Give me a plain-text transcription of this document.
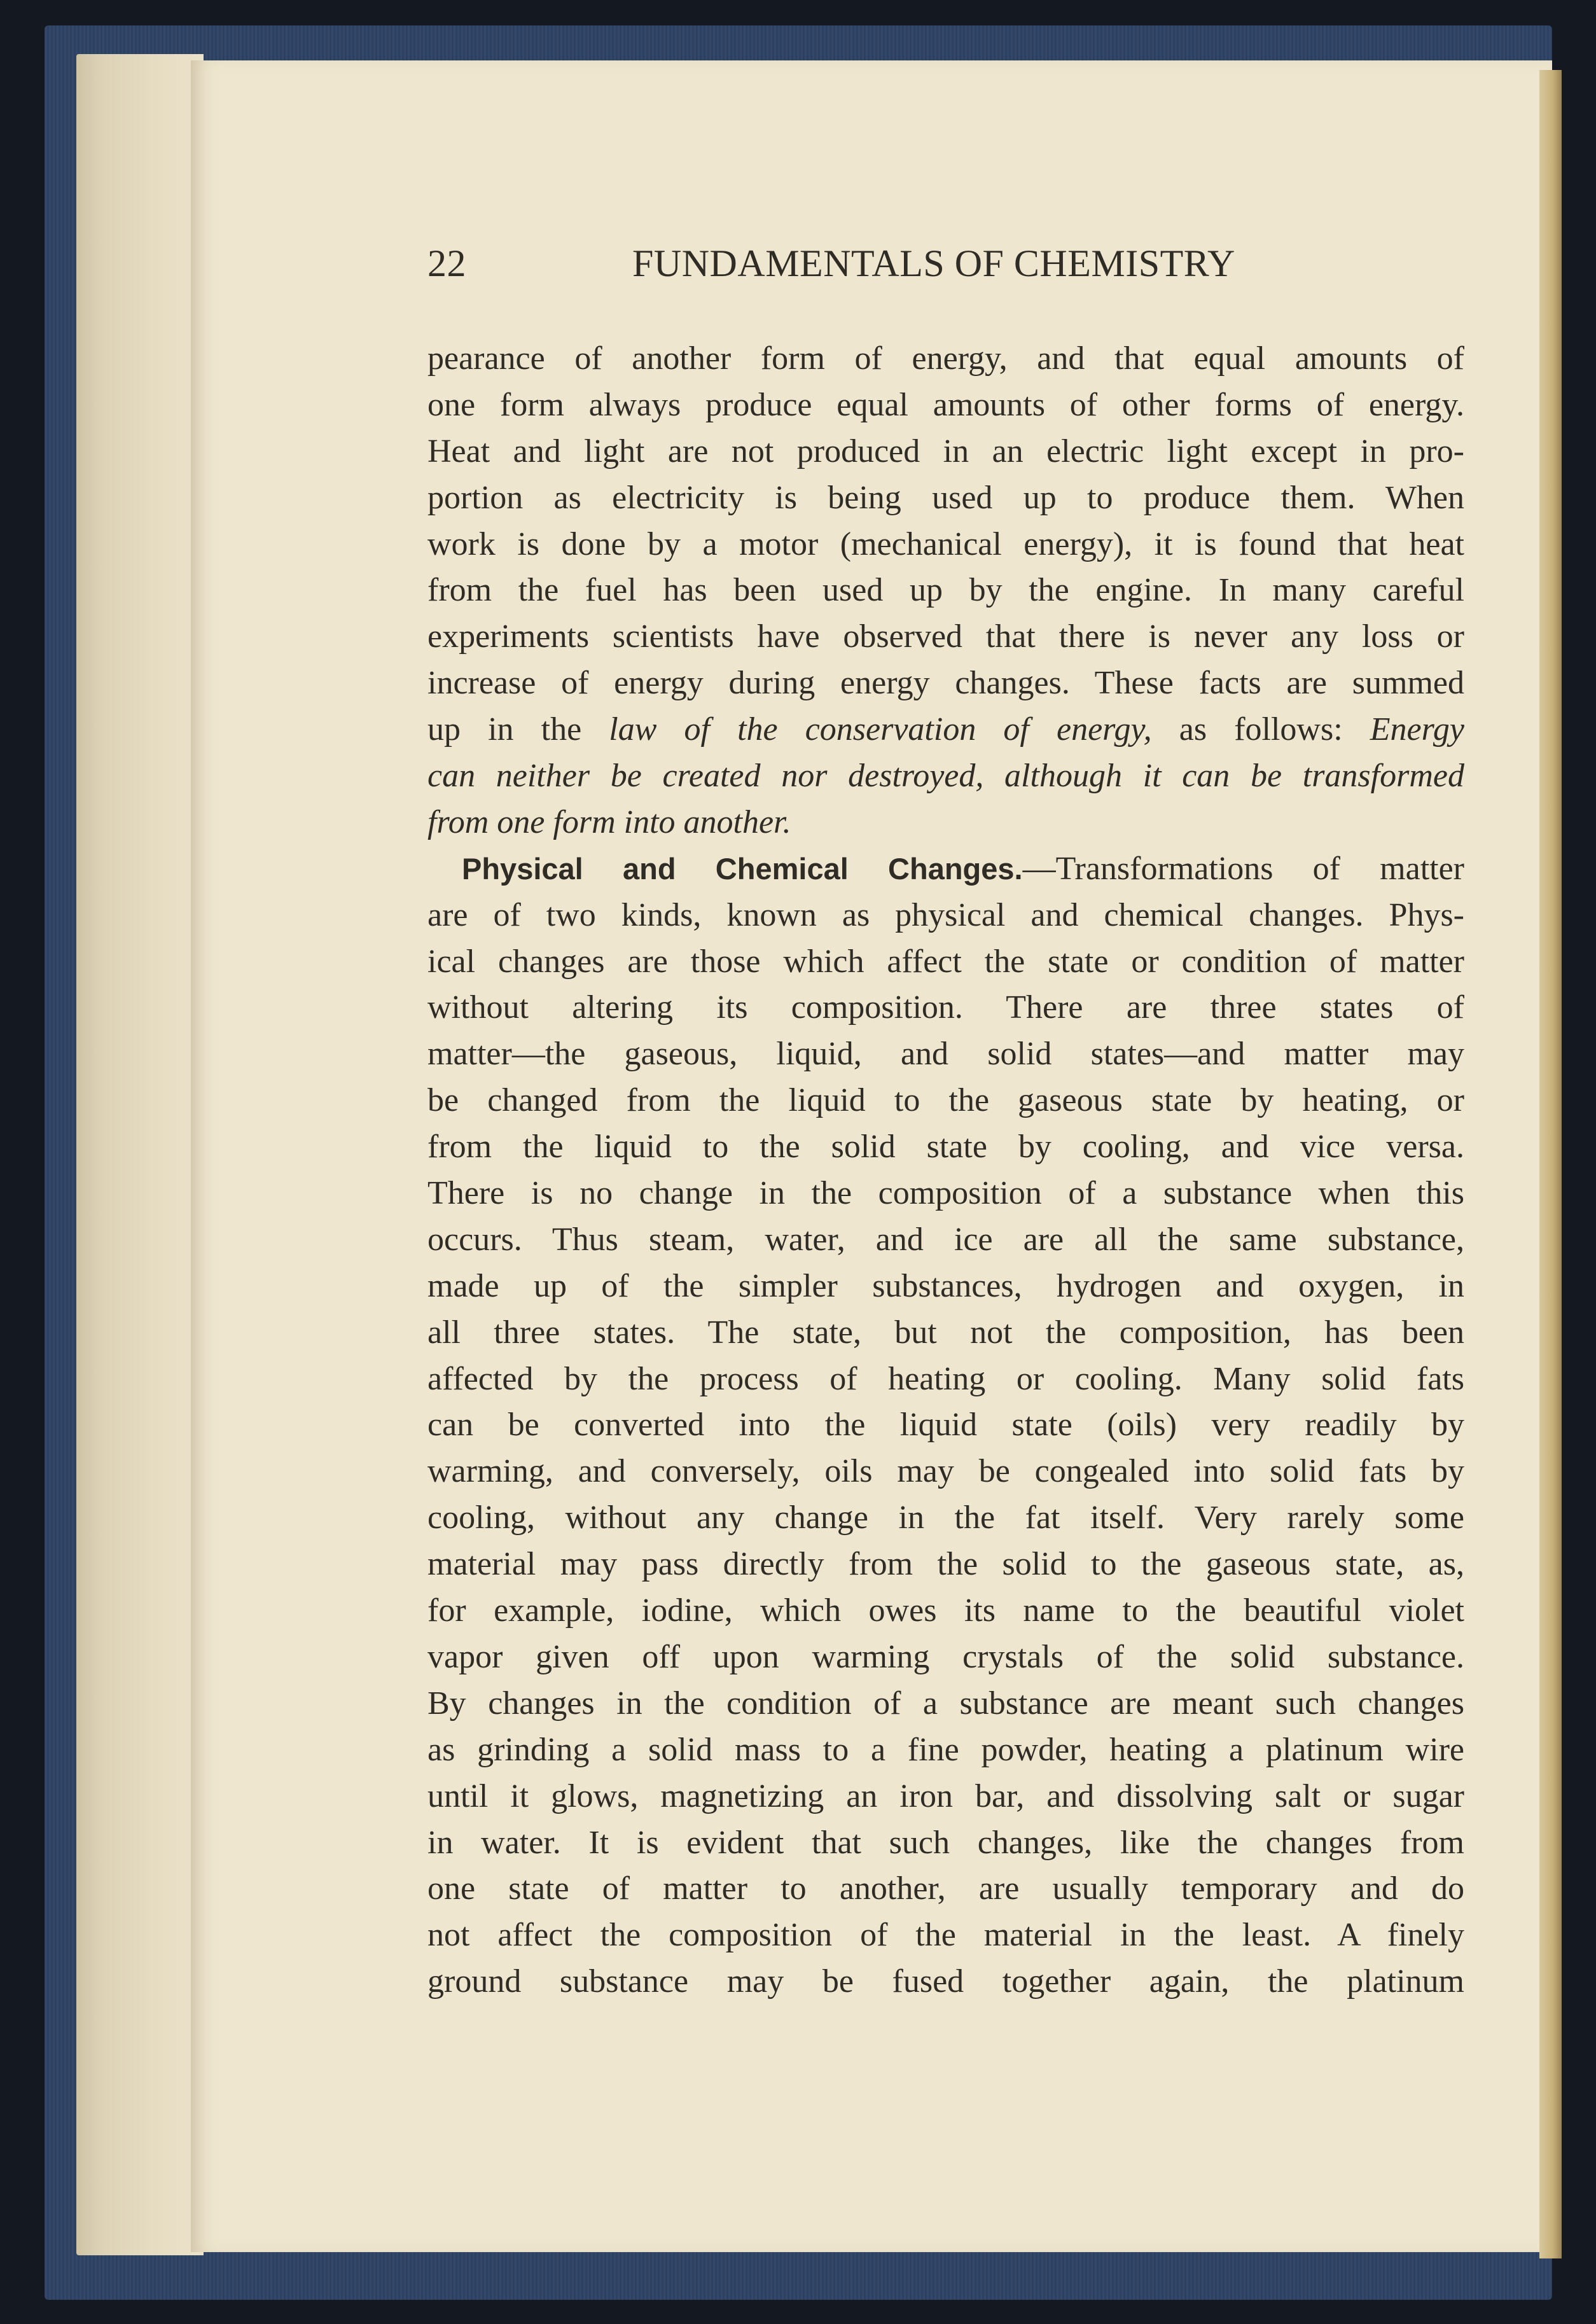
22	FUNDAMENTALS OF CHEMISTRY
pearance of another form of energy, and that equal amounts of
one form always produce equal amounts of other forms of energy.
Heat and light are not produced in an electric light except in pro-
portion as electricity is being used up to produce them. When
work is done by a motor (mechanical energy), it is found that heat
from the fuel has been used up by the engine. In many careful
experiments scientists have observed that there is never any loss or
increase of energy during energy changes. These facts are summed
up in the law of the conservation of energy, as follows: Energy
can neither be created nor destroyed, although it can be transformed
from one form into another.
Physical and Chemical Changes.—Transformations of matter
are of two kinds, known as physical and chemical changes. Phys-
ical changes are those which affect the state or condition of matter
without altering its composition. There are three states of
matter—the gaseous, liquid, and solid states—and matter may
be changed from the liquid to the gaseous state by heating, or
from the liquid to the solid state by cooling, and vice versa.
There is no change in the composition of a substance when this
occurs. Thus steam, water, and ice are all the same substance,
made up of the simpler substances, hydrogen and oxygen, in
all three states. The state, but not the composition, has been
affected by the process of heating or cooling. Many solid fats
can be converted into the liquid state (oils) very readily by
warming, and conversely, oils may be congealed into solid fats by
cooling, without any change in the fat itself. Very rarely some
material may pass directly from the solid to the gaseous state, as,
for example, iodine, which owes its name to the beautiful violet
vapor given off upon warming crystals of the solid substance.
By changes in the condition of a substance are meant such changes
as grinding a solid mass to a fine powder, heating a platinum wire
until it glows, magnetizing an iron bar, and dissolving salt or sugar
in water. It is evident that such changes, like the changes from
one state of matter to another, are usually temporary and do
not affect the composition of the material in the least. A finely
ground substance may be fused together again, the platinum
